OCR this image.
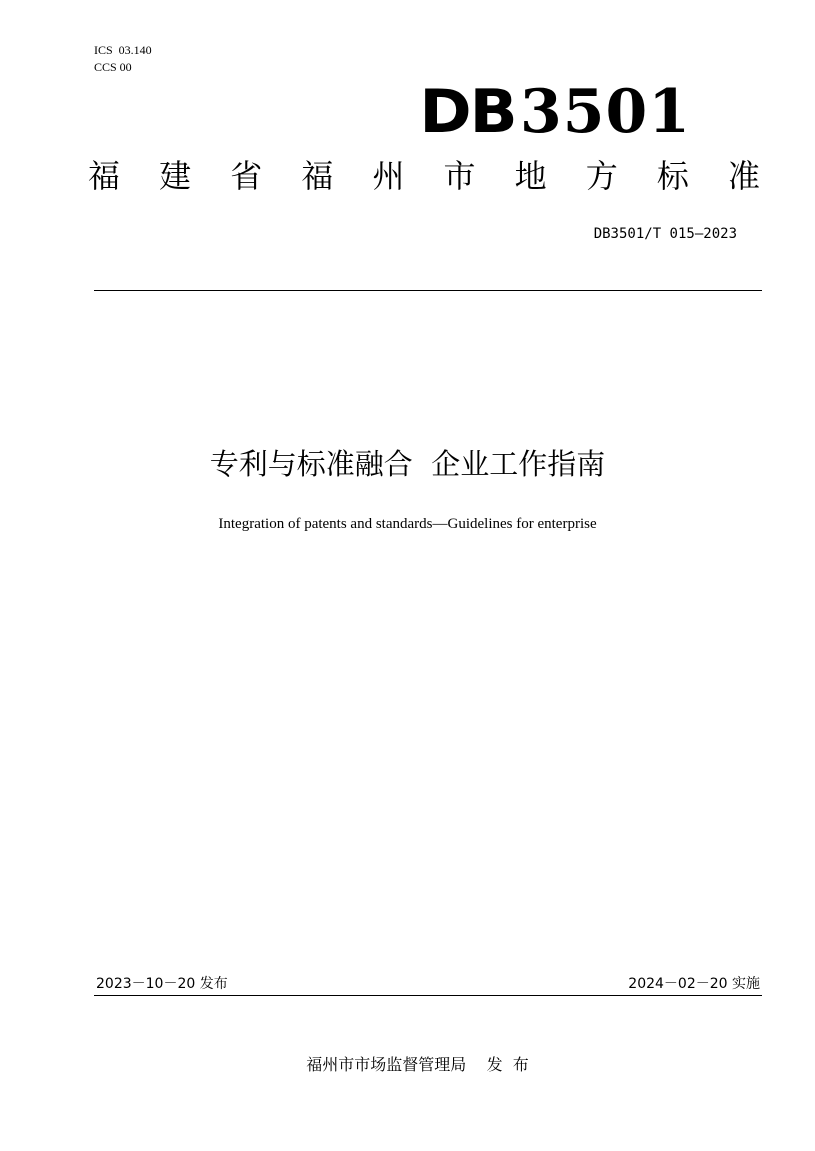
ICS  03.140
CCS 00
DB 3501
福 建 省 福 州 市 地 方 标 准
DB3501/T 015—2023
专利与标准融合  企业工作指南
Integration of patents and standards—Guidelines for enterprise
2023－10－20 发布	2024－02－20 实施
福州市市场监督管理局    发  布
